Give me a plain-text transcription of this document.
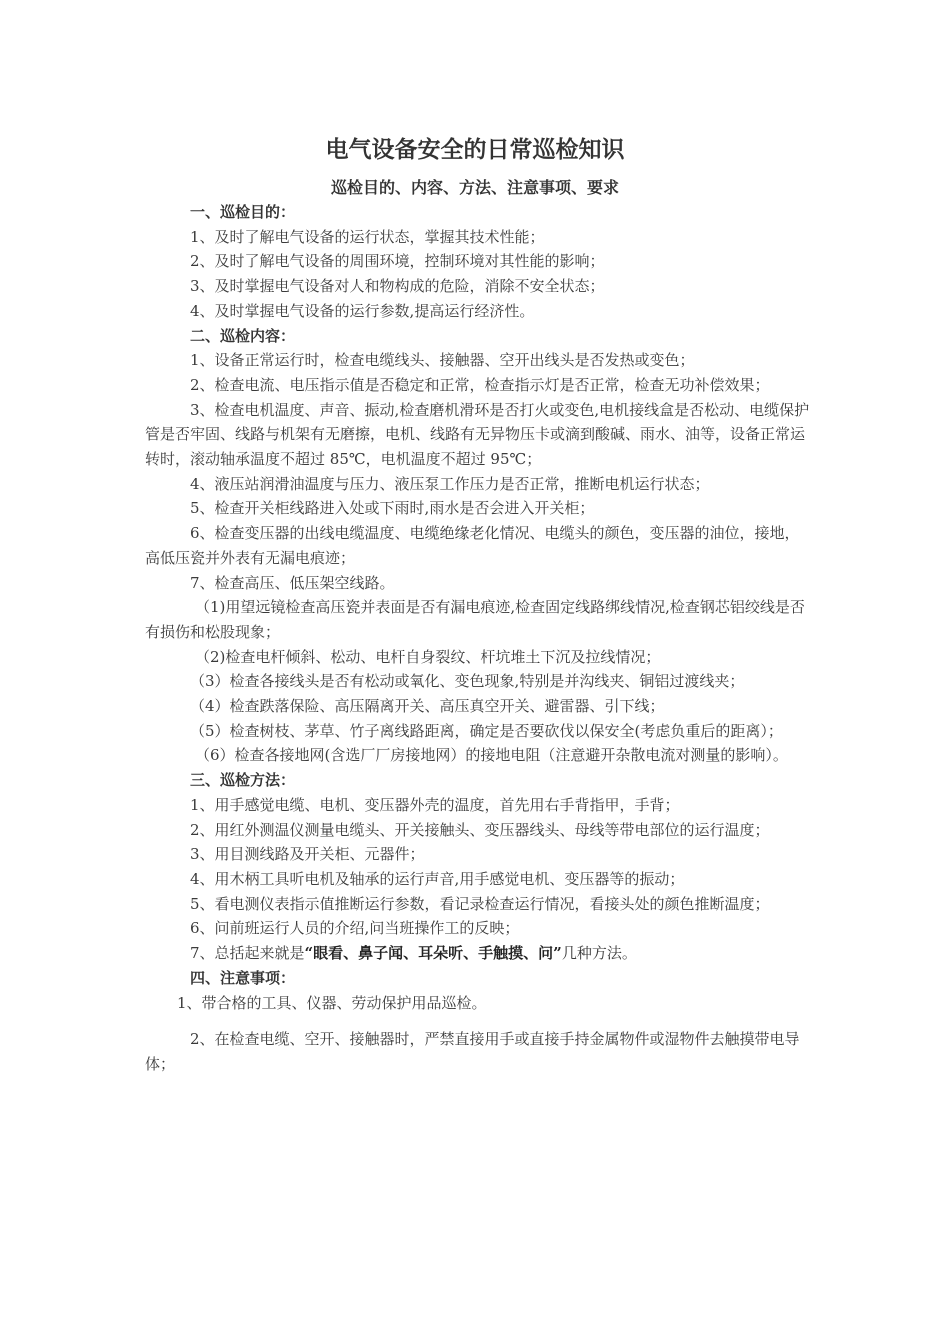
电气设备安全的日常巡检知识
巡检目的、内容、方法、注意事项、要求

一、巡检目的：

1、及时了解电气设备的运行状态，掌握其技术性能；

2、及时了解电气设备的周围环境，控制环境对其性能的影响；

3、及时掌握电气设备对人和物构成的危险，消除不安全状态；

4、及时掌握电气设备的运行参数,提高运行经济性。

二、巡检内容：

1、设备正常运行时，检查电缆线头、接触器、空开出线头是否发热或变色；

2、检查电流、电压指示值是否稳定和正常，检查指示灯是否正常，检查无功补偿效果；

3、检查电机温度、声音、振动,检查磨机滑环是否打火或变色,电机接线盒是否松动、电缆保护管是否牢固、线路与机架有无磨擦，电机、线路有无异物压卡或滴到酸碱、雨水、油等，设备正常运转时，滚动轴承温度不超过 85℃，电机温度不超过 95℃；

4、液压站润滑油温度与压力、液压泵工作压力是否正常，推断电机运行状态；

5、检查开关柜线路进入处或下雨时,雨水是否会进入开关柜；

6、检查变压器的出线电缆温度、电缆绝缘老化情况、电缆头的颜色，变压器的油位，接地，高低压瓷并外表有无漏电痕迹；

7、检查高压、低压架空线路。

（1)用望远镜检查高压瓷并表面是否有漏电痕迹,检查固定线路绑线情况,检查钢芯铝绞线是否有损伤和松股现象；

（2)检查电杆倾斜、松动、电杆自身裂纹、杆坑堆土下沉及拉线情况；

（3）检查各接线头是否有松动或氧化、变色现象,特别是并沟线夹、铜铝过渡线夹；

（4）检查跌落保险、高压隔离开关、高压真空开关、避雷器、引下线；

（5）检查树枝、茅草、竹子离线路距离，确定是否要砍伐以保安全(考虑负重后的距离）；

（6）检查各接地网(含选厂厂房接地网）的接地电阻（注意避开杂散电流对测量的影响）。

三、巡检方法：

1、用手感觉电缆、电机、变压器外壳的温度，首先用右手背指甲，手背；

2、用红外测温仪测量电缆头、开关接触头、变压器线头、母线等带电部位的运行温度；

3、用目测线路及开关柜、元器件；

4、用木柄工具听电机及轴承的运行声音,用手感觉电机、变压器等的振动；

5、看电测仪表指示值推断运行参数，看记录检查运行情况，看接头处的颜色推断温度；

6、问前班运行人员的介绍,问当班操作工的反映；

7、总括起来就是“眼看、鼻子闻、耳朵听、手触摸、问”几种方法。

四、注意事项：

1、带合格的工具、仪器、劳动保护用品巡检。

2、在检查电缆、空开、接触器时，严禁直接用手或直接手持金属物件或湿物件去触摸带电导体；
